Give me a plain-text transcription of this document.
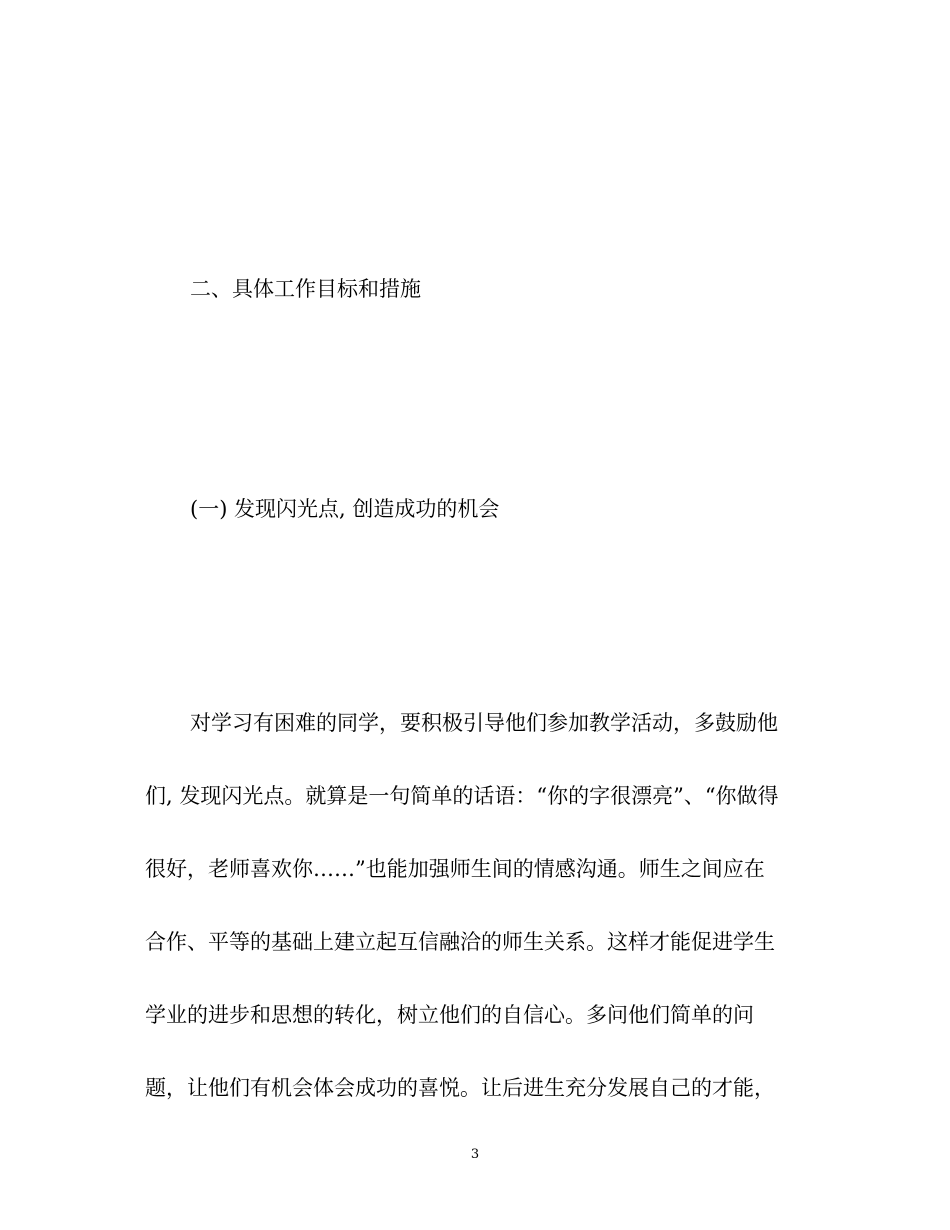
二、具体工作目标和措施
(一) 发现闪光点, 创造成功的机会
对学习有困难的同学，要积极引导他们参加教学活动，多鼓励他
们, 发现闪光点。就算是一句简单的话语：“你的字很漂亮”、“你做得
很好，老师喜欢你……”也能加强师生间的情感沟通。师生之间应在
合作、平等的基础上建立起互信融洽的师生关系。这样才能促进学生
学业的进步和思想的转化，树立他们的自信心。多问他们简单的问
题，让他们有机会体会成功的喜悦。让后进生充分发展自己的才能，
3
